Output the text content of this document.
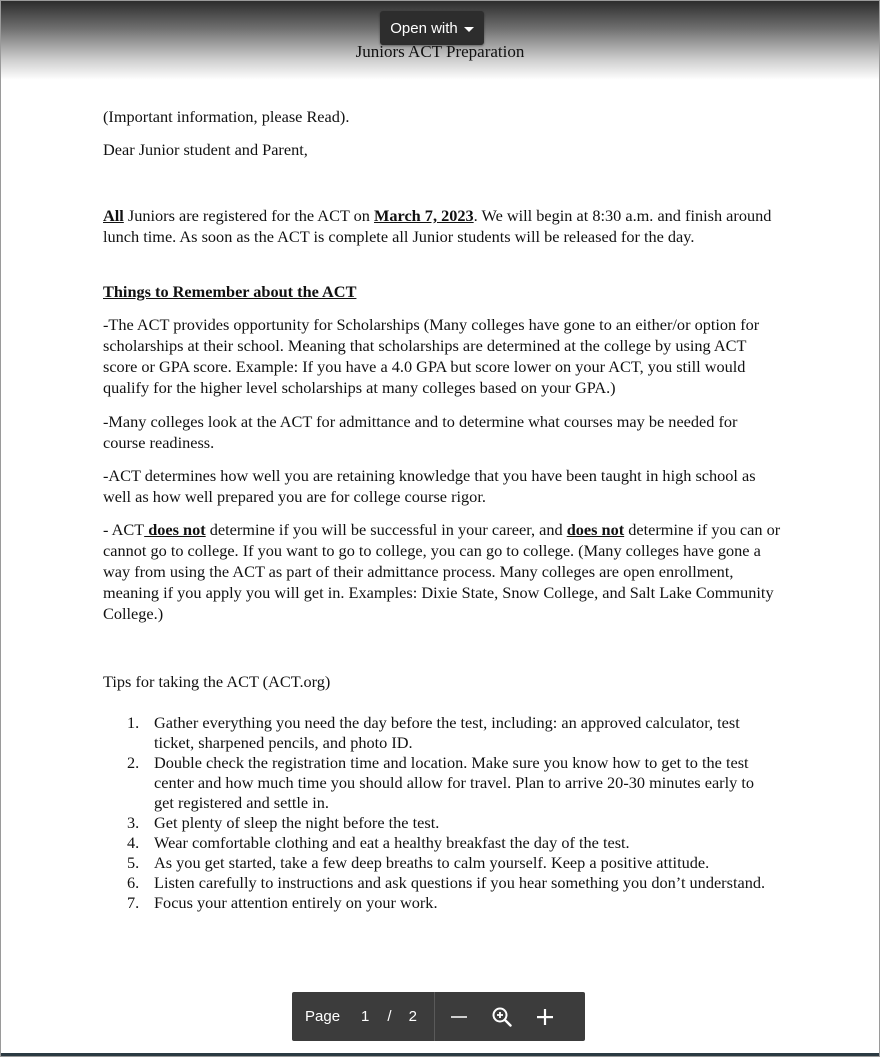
Open with
Juniors ACT Preparation

(Important information, please Read).

Dear Junior student and Parent,

All Juniors are registered for the ACT on March 7, 2023. We will begin at 8:30 a.m. and finish around lunch time. As soon as the ACT is complete all Junior students will be released for the day.

Things to Remember about the ACT

-The ACT provides opportunity for Scholarships (Many colleges have gone to an either/or option for scholarships at their school. Meaning that scholarships are determined at the college by using ACT score or GPA score. Example: If you have a 4.0 GPA but score lower on your ACT, you still would qualify for the higher level scholarships at many colleges based on your GPA.)

-Many colleges look at the ACT for admittance and to determine what courses may be needed for course readiness.

-ACT determines how well you are retaining knowledge that you have been taught in high school as well as how well prepared you are for college course rigor.

- ACT does not determine if you will be successful in your career, and does not determine if you can or cannot go to college. If you want to go to college, you can go to college. (Many colleges have gone a way from using the ACT as part of their admittance process. Many colleges are open enrollment, meaning if you apply you will get in. Examples: Dixie State, Snow College, and Salt Lake Community College.)

Tips for taking the ACT (ACT.org)

1. Gather everything you need the day before the test, including: an approved calculator, test ticket, sharpened pencils, and photo ID.
2. Double check the registration time and location. Make sure you know how to get to the test center and how much time you should allow for travel. Plan to arrive 20-30 minutes early to get registered and settle in.
3. Get plenty of sleep the night before the test.
4. Wear comfortable clothing and eat a healthy breakfast the day of the test.
5. As you get started, take a few deep breaths to calm yourself. Keep a positive attitude.
6. Listen carefully to instructions and ask questions if you hear something you don’t understand.
7. Focus your attention entirely on your work.
Page 1 / 2
